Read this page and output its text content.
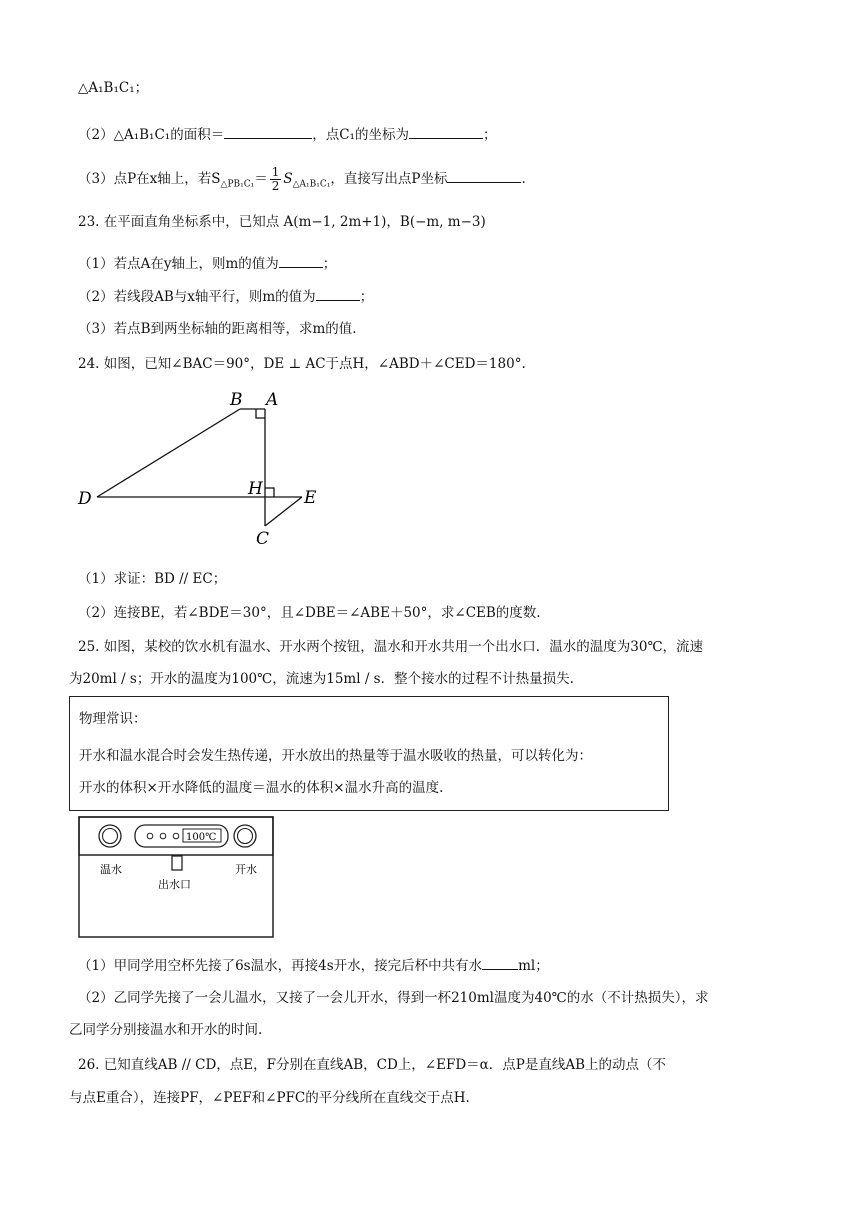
△A₁B₁C₁；
（2）△A₁B₁C₁的面积＝	，点C₁的坐标为	；
（3）点P在x轴上，若$S_{\triangle PB_1C_1}= \frac{1}{2} S_{\triangle A_1B_1C_1}$，直接写出点P坐标	.
23. 在平面直角坐标系中，已知点 A(m−1, 2m+1)，B(−m, m−3)
（1）若点A在y轴上，则m的值为	；
（2）若线段AB与x轴平行，则m的值为	；
（3）若点B到两坐标轴的距离相等，求m的值.
24. 如图，已知∠BAC＝90°，DE ⊥ AC于点H，∠ABD＋∠CED＝180°.
B A
H
D	E
C
（1）求证：BD // EC；
（2）连接BE，若∠BDE＝30°，且∠DBE＝∠ABE＋50°，求∠CEB的度数.
25. 如图，某校的饮水机有温水、开水两个按钮，温水和开水共用一个出水口．温水的温度为30℃，流速
为20ml / s；开水的温度为100℃，流速为15ml / s．整个接水的过程不计热量损失.
物理常识：
开水和温水混合时会发生热传递，开水放出的热量等于温水吸收的热量，可以转化为：
开水的体积×开水降低的温度＝温水的体积×温水升高的温度.
100℃
温水
出水口
开水
（1）甲同学用空杯先接了6s温水，再接4s开水，接完后杯中共有水	ml；
（2）乙同学先接了一会儿温水，又接了一会儿开水，得到一杯210ml温度为40℃的水（不计热损失），求
乙同学分别接温水和开水的时间.
26. 已知直线AB // CD，点E，F分别在直线AB，CD上，∠EFD＝α．点P是直线AB上的动点（不
与点E重合），连接PF，∠PEF和∠PFC的平分线所在直线交于点H.
